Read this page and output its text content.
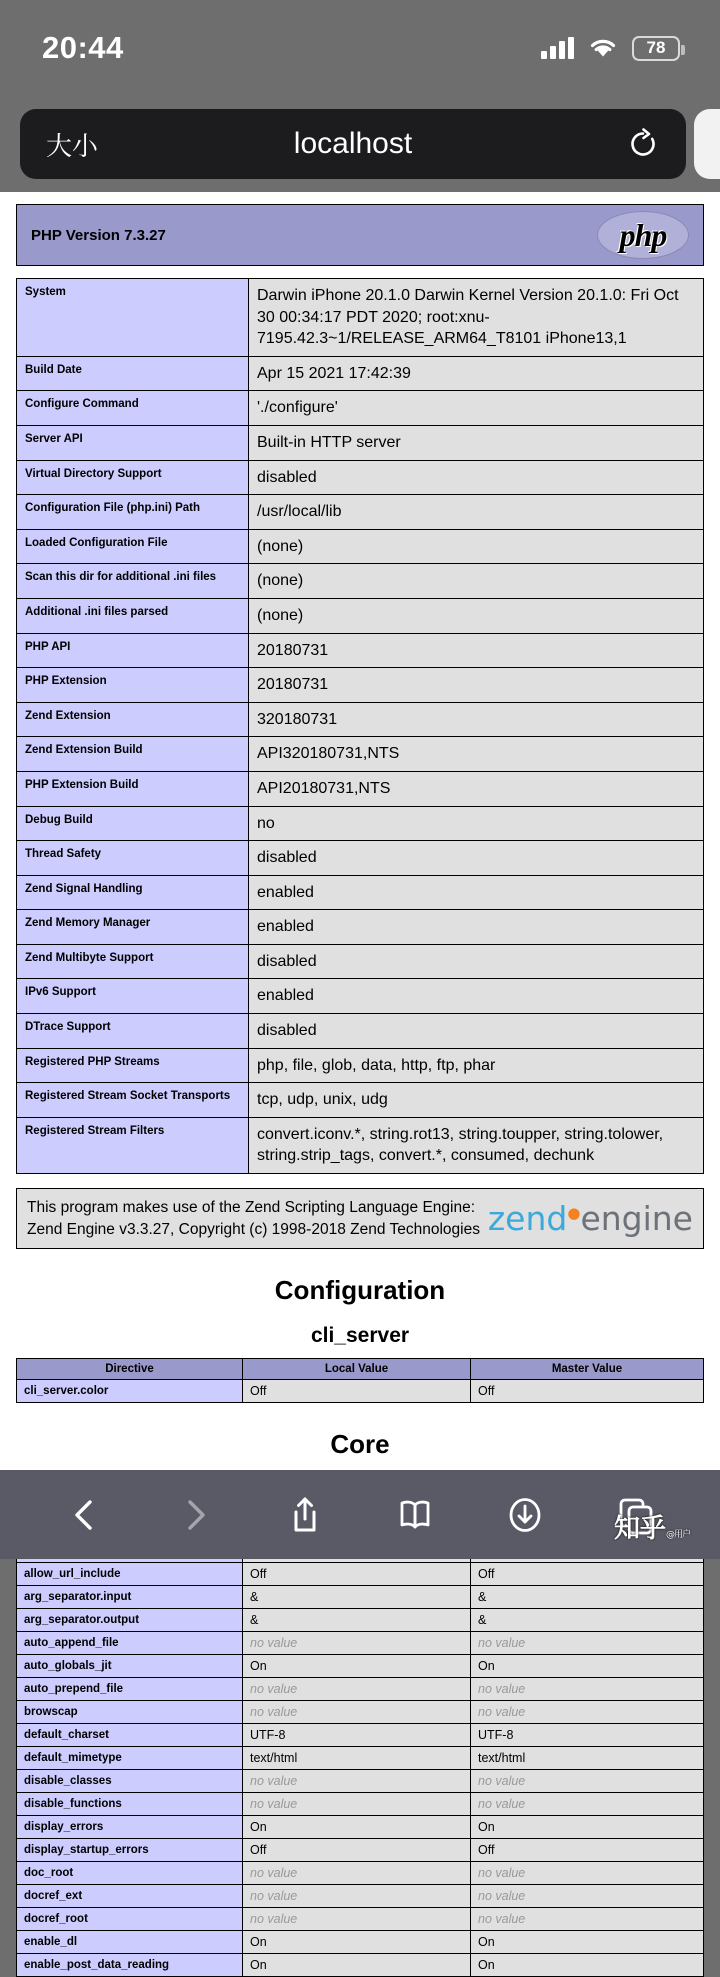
20:44	78
大小	localhost
PHP Version 7.3.27	php
System	Darwin iPhone 20.1.0 Darwin Kernel Version 20.1.0: Fri Oct 30 00:34:17 PDT 2020; root:xnu-7195.42.3~1/RELEASE_ARM64_T8101 iPhone13,1
Build Date	Apr 15 2021 17:42:39
Configure Command	'./configure'
Server API	Built-in HTTP server
Virtual Directory Support	disabled
Configuration File (php.ini) Path	/usr/local/lib
Loaded Configuration File	(none)
Scan this dir for additional .ini files	(none)
Additional .ini files parsed	(none)
PHP API	20180731
PHP Extension	20180731
Zend Extension	320180731
Zend Extension Build	API320180731,NTS
PHP Extension Build	API20180731,NTS
Debug Build	no
Thread Safety	disabled
Zend Signal Handling	enabled
Zend Memory Manager	enabled
Zend Multibyte Support	disabled
IPv6 Support	enabled
DTrace Support	disabled
Registered PHP Streams	php, file, glob, data, http, ftp, phar
Registered Stream Socket Transports	tcp, udp, unix, udg
Registered Stream Filters	convert.iconv.*, string.rot13, string.toupper, string.tolower, string.strip_tags, convert.*, consumed, dechunk
This program makes use of the Zend Scripting Language Engine:
Zend Engine v3.3.27, Copyright (c) 1998-2018 Zend Technologies zend●engine
Configuration
cli_server
Directive	Local Value	Master Value
cli_server.color	Off	Off
Core

allow_url_include	Off	Off
arg_separator.input	&	&
arg_separator.output	&	&
auto_append_file	no value	no value
auto_globals_jit	On	On
auto_prepend_file	no value	no value
browscap	no value	no value
default_charset	UTF-8	UTF-8
default_mimetype	text/html	text/html
disable_classes	no value	no value
disable_functions	no value	no value
display_errors	On	On
display_startup_errors	Off	Off
doc_root	no value	no value
docref_ext	no value	no value
docref_root	no value	no value
enable_dl	On	On
enable_post_data_reading	On	On
知乎@用户
